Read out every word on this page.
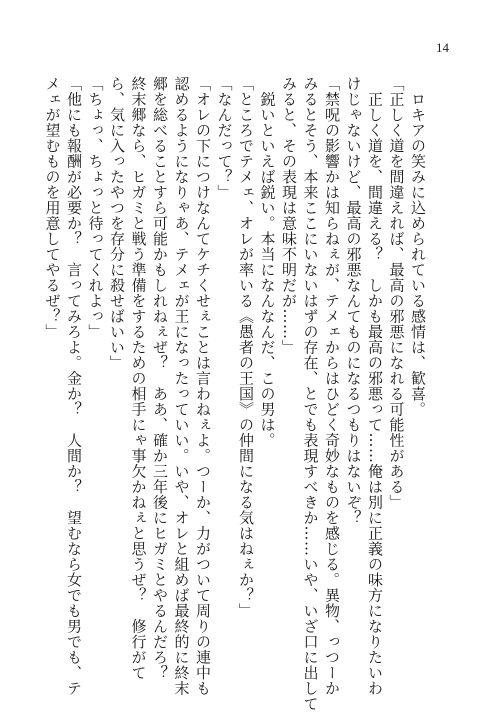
14
　ロキアの笑みに込められている感情は、歓喜。
「正しく道を間違えれば、最高の邪悪になれる可能性がある」
　正しく道を、間違える？　しかも最高の邪悪って……俺は別に正義の味方になりたいわ
けじゃないけど、最高の邪悪なんてものになるつもりはないぞ？
「禁呪の影響かは知らねぇが、テメェからはひどく奇妙なものを感じる。異物、っつーか
みるとそう、本来ここにいないはずの存在、とでも表現すべきか……いや、いざ口に出して
みると、その表現は意味不明だが……」
　鋭いといえば鋭い。本当になんなんだ、この男は。
「ところでテメェ、オレが率いる《愚者の王国》の仲間になる気はねぇか？」
「なんだって？」
「オレの下につけなんてケチくせぇことは言わねぇよ。つーか、力がついて周りの連中も
認めるようになりゃあ、テメェが王になったっていい。いや、オレと組めば最終的に終末
郷を総べることすら可能かもしれねぇぜ？　ああ、確か三年後にヒガミとやるんだろ？
終末郷なら、ヒガミと戦う準備をするための相手にゃ事欠かねぇと思うぜ？　修行がて
ら、気に入ったやつを存分に殺せばいい」
「ちょっ、ちょっと待ってくれよっ」
「他にも報酬が必要か？　言ってみろよ。金か？　人間か？　望むなら女でも男でも、テ
メェが望むものを用意してやるぜ？」
